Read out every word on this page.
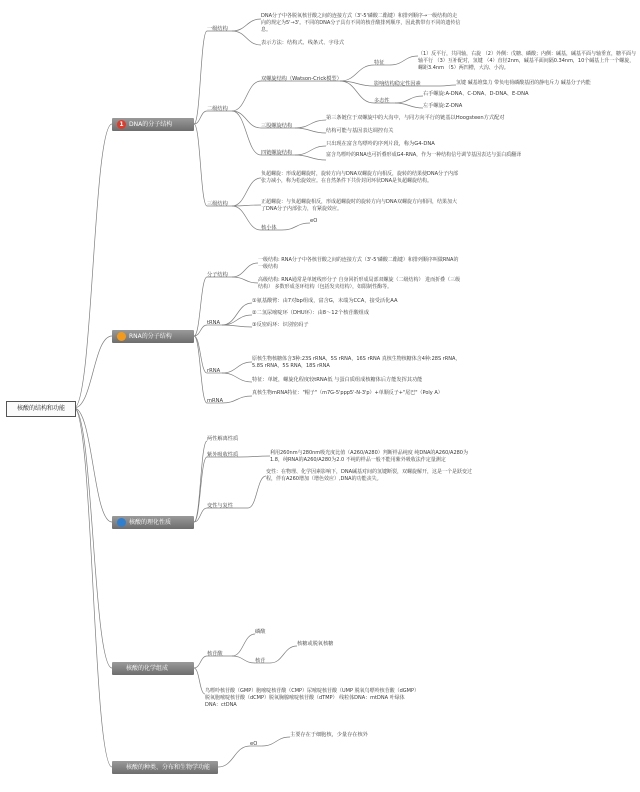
核酸的结构和功能
1 DNA的分子结构
RNA的分子结构
核酸的理化性质
核酸的化学组成
核酸的种类、分布和生物学功能
一级结构
DNA分子中各脱氧核苷酸之间的连接方式（3'-5'磷酸二酯键）和排列顺序→一级结构的走向的规定为5'→3'。不同的DNA分子具有不同的核苷酸排列顺序，因此携带有不同的遗传信息。
表示方法：结构式、线条式、字母式
二级结构
双螺旋结构（Watson-Crick模型）
特征
（1）反平行，共同轴，右旋 （2）外侧：戊糖、磷酸；内侧：碱基，碱基平面与轴垂直，糖平面与轴平行 （3）互补配对，氢键 （4）直径2nm，碱基平面间隔0.34nm，10个碱基上升一个螺旋，螺距3.4nm （5）两凹槽，大沟、小沟。
影响结构稳定性因素	氢键 碱基堆集力 带负电荷磷酸基团的静电斥力 碱基分子内能
多态性
右手螺旋:A-DNA、C-DNA、D-DNA、E-DNA
左手螺旋:Z-DNA
三股螺旋结构
第三条链位于双螺旋中的大沟中，与同方向平行的链基以Hoogsteen方式配对
结构可能与基因表达调控有关
四链螺旋结构
只出现在富含鸟嘌呤的序列片段，称为G4-DNA
富含鸟嘌呤的RNA也可折叠形成G4-RNA，作为一种结构信号调节基因表达与蛋白质翻译
三级结构
负超螺旋：形成超螺旋时，旋转方向与DNA双螺旋方向相反，旋转的结果使DNA分子内部张力减小，称为松旋效应。在自然条件下共价封闭环状DNA是负超螺旋结构。
正超螺旋：与负超螺旋相反，形成超螺旋时的旋转方向与DNA双螺旋方向相同，结果加大了DNA分子内部张力，有紧旋效应。
核小体
eO
分子结构
一级结构: RNA分子中各核苷酸之间的连接方式（3'-5'磷酸二酯键）和排列顺序叫做RNA的一级结构
高级结构: RNA通常是单链线形分子 自身回折形成局部双螺旋（二级结构） 进而折叠（三级结构） 多数形成茎环结构（包括发夹结构），如限制性酶等。
tRNA
①氨基酸臂：由7对bp组成，富含G，末端为CCA，接受活化AA
②二氢尿嘧啶环（DHU环）：由8～12个核苷酸组成
③反密码环：识别密码子
rRNA
原核生物核糖体含3种:23S rRNA，5S rRNA，16S rRNA 真核生物核糖体含4种:28S rRNA，5.8S rRNA，5S RNA，18S rRNA
特征：单链，螺旋化程度较tRNA低 与蛋白质组成核糖体后方能发挥其功能
mRNA
真核生物mRNA特征："帽子"（m7G-5'ppp5'-N-3'p）+单顺反子+"尾巴"（Poly A）
两性解离性质
紫外吸收性质	利用260nm与280nm吸光度比值（A260/A280）判断样品纯度 纯DNA的A260/A280为1.8，纯RNA的A260/A280为2.0 不纯的样品一般不能用紫外吸收法作定量测定
变性与复性
变性：在物理、化学因素影响下，DNA碱基对间的氢键断裂，双螺旋解开，这是一个是跃变过程，伴有A260增加（增色效应）,DNA的功能丧失。
核苷酸
磷酸
核苷
核糖或脱氧核糖
鸟嘌呤核苷酸（GMP）胞嘧啶核苷酸（CMP）尿嘧啶核苷酸（UMP 脱氧鸟嘌呤核苷酸（dGMP）脱氧胞嘧啶核苷酸（dCMP）脱氧胸腺嘧啶核苷酸（dTMP） 线粒体DNA：mtDNA 叶绿体DNA：ctDNA
eO
主要存在于细胞核，少量存在核外
